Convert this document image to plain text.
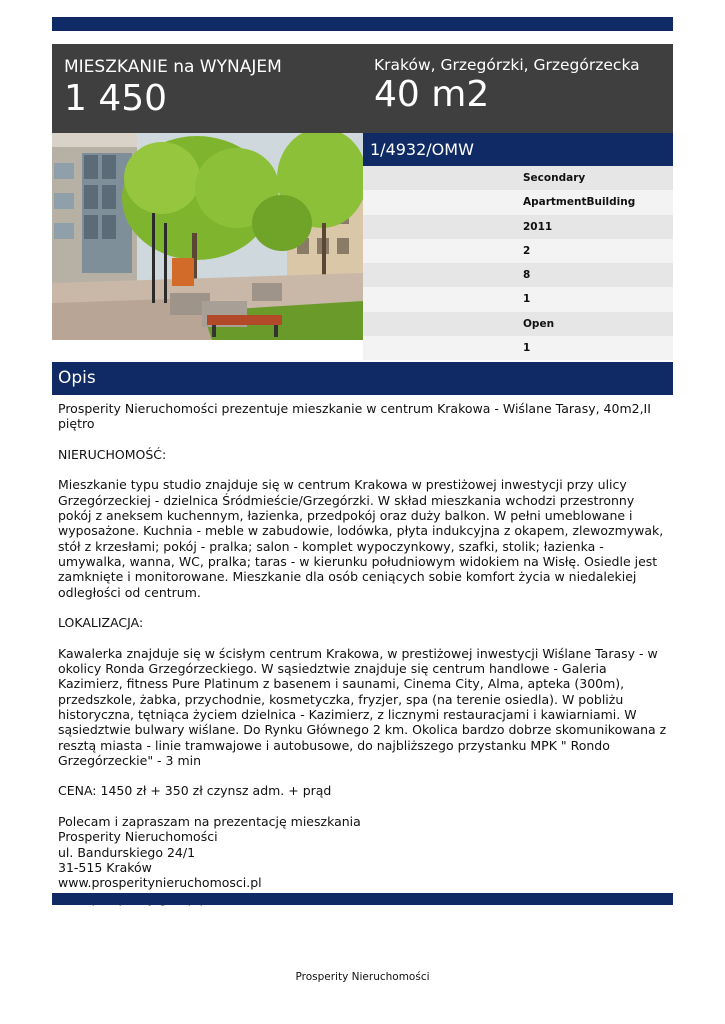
MIESZKANIE na WYNAJEM
1 450
Kraków, Grzegórzki, Grzegórzecka
40 m2
1/4932/OMW
Secondary
ApartmentBuilding
2011
2
8
1
Open
1
Opis

Prosperity Nieruchomości prezentuje mieszkanie w centrum Krakowa - Wiślane Tarasy, 40m2,II piętro

NIERUCHOMOŚĆ:

Mieszkanie typu studio znajduje się w centrum Krakowa w prestiżowej inwestycji przy ulicy Grzegórzeckiej - dzielnica Śródmieście/Grzegórzki. W skład mieszkania wchodzi przestronny pokój z aneksem kuchennym, łazienka, przedpokój oraz duży balkon. W pełni umeblowane i wyposażone. Kuchnia - meble w zabudowie, lodówka, płyta indukcyjna z okapem, zlewozmywak, stół z krzesłami; pokój - pralka; salon - komplet wypoczynkowy, szafki, stolik; łazienka - umywalka, wanna, WC, pralka; taras - w kierunku południowym widokiem na Wisłę. Osiedle jest zamknięte i monitorowane. Mieszkanie dla osób ceniących sobie komfort życia w niedalekiej odległości od centrum.

LOKALIZACJA:

Kawalerka znajduje się w ścisłym centrum Krakowa, w prestiżowej inwestycji Wiślane Tarasy - w okolicy Ronda Grzegórzeckiego. W sąsiedztwie znajduje się centrum handlowe - Galeria Kazimierz, fitness Pure Platinum z basenem i saunami, Cinema City, Alma, apteka (300m), przedszkole, żabka, przychodnie, kosmetyczka, fryzjer, spa (na terenie osiedla). W pobliżu historyczna, tętniąca życiem dzielnica - Kazimierz, z licznymi restauracjami i kawiarniami. W sąsiedztwie bulwary wiślane. Do Rynku Głównego 2 km. Okolica bardzo dobrze skomunikowana z resztą miasta - linie tramwajowe i autobusowe, do najbliższego przystanku MPK " Rondo Grzegórzeckie" - 3 min

CENA: 1450 zł + 350 zł czynsz adm. + prąd

Polecam i zapraszam na prezentację mieszkania
Prosperity Nieruchomości
ul. Bandurskiego 24/1
31-515 Kraków
www.prosperitynieruchomosci.pl

Prosperity Nieruchomości
